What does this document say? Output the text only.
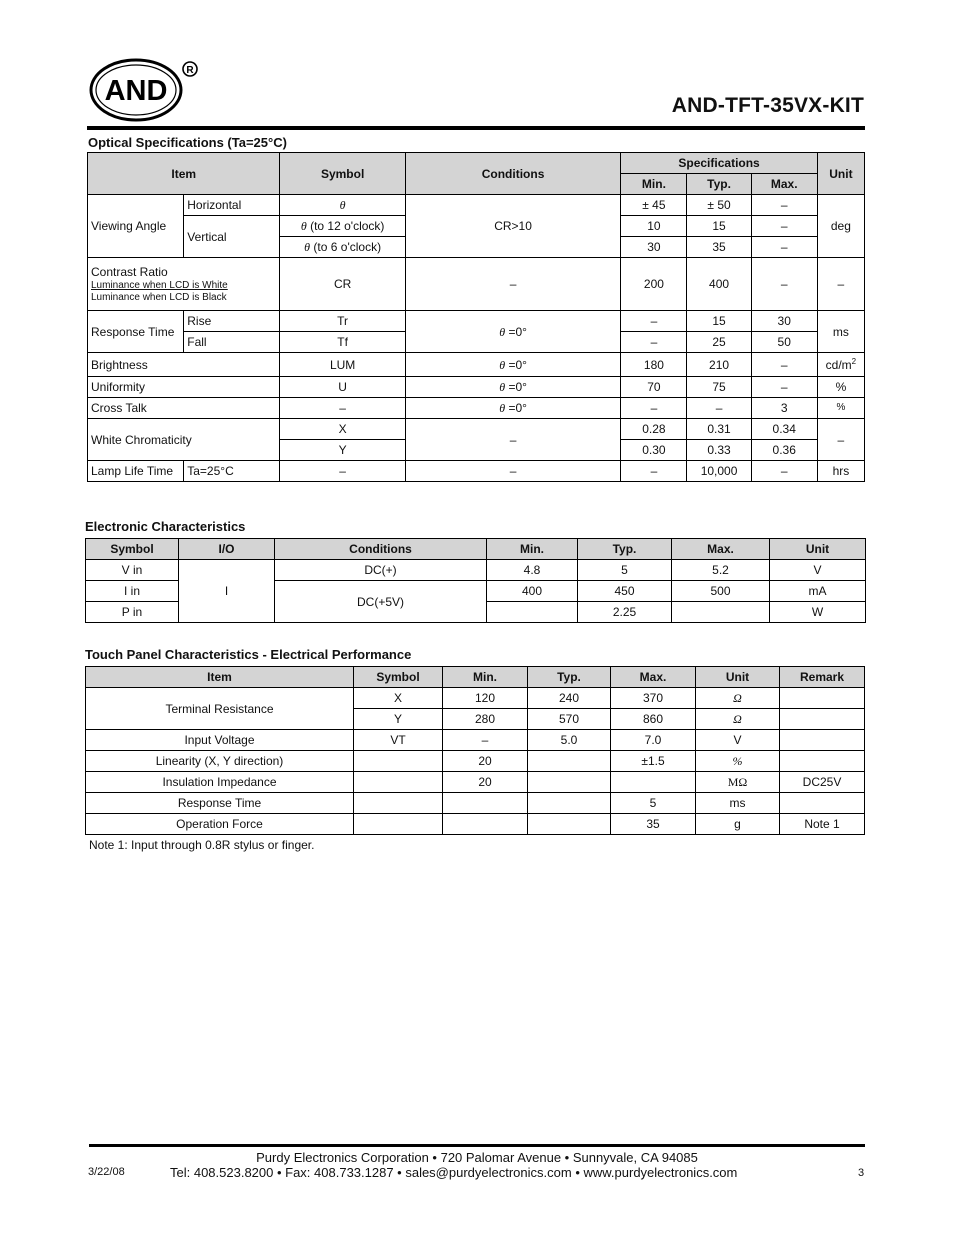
AND
R
AND-TFT-35VX-KIT
Optical Specifications (Ta=25°C)
Item		Symbol	Conditions	Specifications			Unit
				Min.	Typ.	Max.	
Viewing Angle	Horizontal	θ	CR>10	± 45	± 50	–	deg
	Vertical	θ (to 12 o'clock)		10	15	–	
		θ (to 6 o'clock)		30	35	–	

Contrast Ratio
Luminance when LCD is White
Luminance when LCD is Black		CR	–	200	400	–	–
Response Time	Rise	Tr	θ =0°	–	15	30	ms
	Fall	Tf		–	25	50	
Brightness		LUM	θ =0°	180	210	–	$cd/m^2$
Uniformity		U	θ =0°	70	75	–	%
Cross Talk		–	θ =0°	–	–	3	%
White Chromaticity		X	–	0.28	0.31	0.34	–
		Y		0.30	0.33	0.36	
Lamp Life Time	Ta=25°C	–	–	–	10,000	–	hrs
Electronic Characteristics
Symbol	I/O	Conditions	Min.	Typ.	Max.	Unit
V in	I	DC(+)	4.8	5	5.2	V
I in		DC(+5V)	400	450	500	mA
P in				2.25		W
Touch Panel Characteristics - Electrical Performance
Item	Symbol	Min.	Typ.	Max.	Unit	Remark
Terminal Resistance	X	120	240	370	Ω	
	Y	280	570	860	Ω	
Input Voltage	VT	–	5.0	7.0	V	
Linearity (X, Y direction)		20		±1.5	%	
Insulation Impedance		20			MΩ	DC25V
Response Time				5	ms	
Operation Force				35	g	Note 1
Note 1: Input through 0.8R stylus or finger.
Purdy Electronics Corporation • 720 Palomar Avenue • Sunnyvale, CA 94085
3/22/08	Tel: 408.523.8200 • Fax: 408.733.1287 • sales@purdyelectronics.com • www.purdyelectronics.com	3
